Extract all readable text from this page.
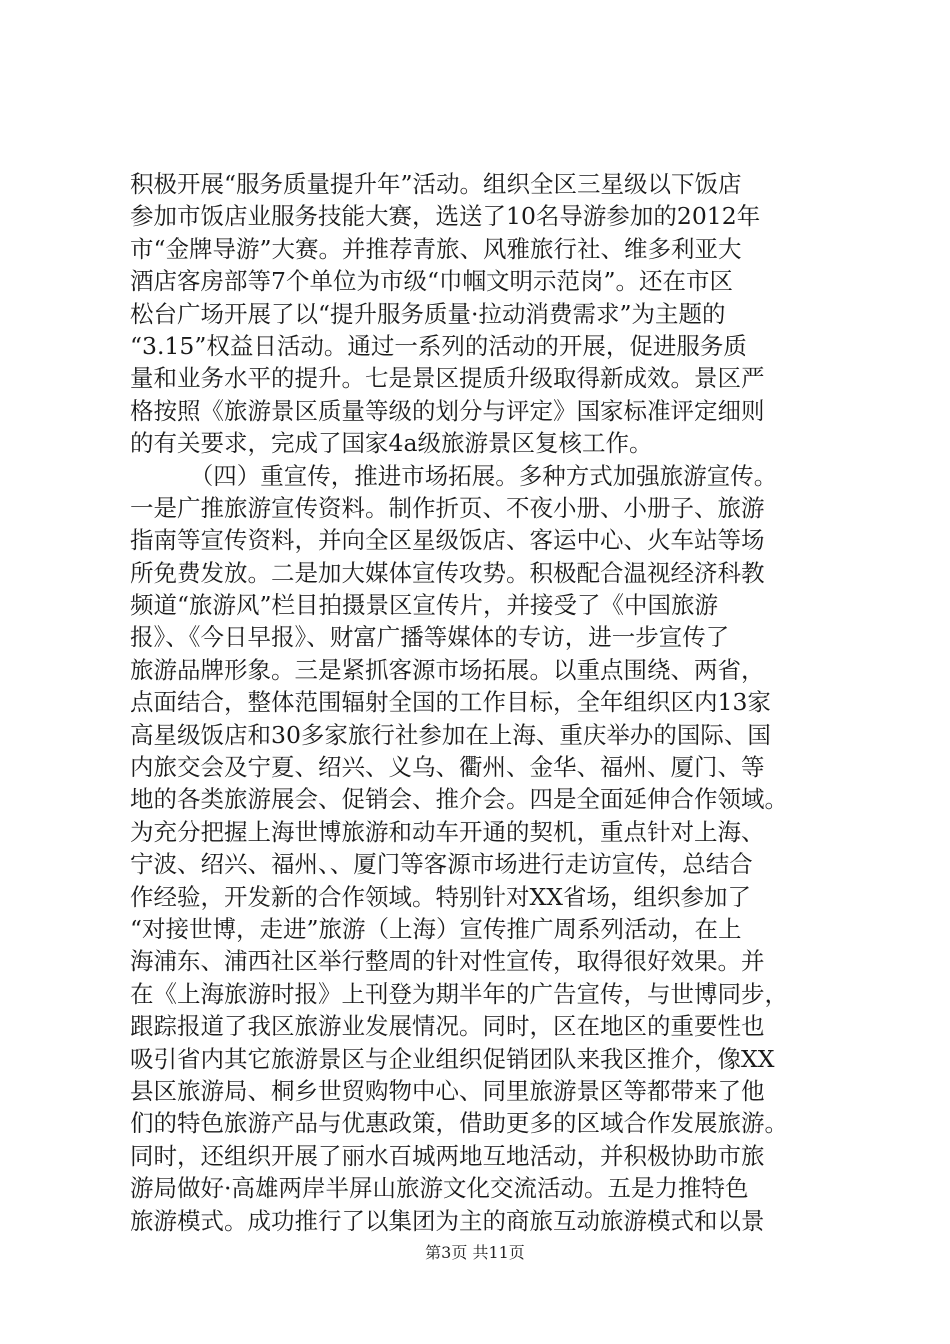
积极开展“服务质量提升年”活动。组织全区三星级以下饭店
参加市饭店业服务技能大赛，选送了10名导游参加的2012年
市“金牌导游”大赛。并推荐青旅、风雅旅行社、维多利亚大
酒店客房部等7个单位为市级“巾帼文明示范岗”。还在市区
松台广场开展了以“提升服务质量·拉动消费需求”为主题的
“3.15”权益日活动。通过一系列的活动的开展，促进服务质
量和业务水平的提升。七是景区提质升级取得新成效。景区严
格按照《旅游景区质量等级的划分与评定》国家标准评定细则
的有关要求，完成了国家4a级旅游景区复核工作。
（四）重宣传，推进市场拓展。多种方式加强旅游宣传。
一是广推旅游宣传资料。制作折页、不夜小册、小册子、旅游
指南等宣传资料，并向全区星级饭店、客运中心、火车站等场
所免费发放。二是加大媒体宣传攻势。积极配合温视经济科教
频道“旅游风”栏目拍摄景区宣传片，并接受了《中国旅游
报》、《今日早报》、财富广播等媒体的专访，进一步宣传了
旅游品牌形象。三是紧抓客源市场拓展。以重点围绕、两省，
点面结合，整体范围辐射全国的工作目标，全年组织区内13家
高星级饭店和30多家旅行社参加在上海、重庆举办的国际、国
内旅交会及宁夏、绍兴、义乌、衢州、金华、福州、厦门、等
地的各类旅游展会、促销会、推介会。四是全面延伸合作领域。
为充分把握上海世博旅游和动车开通的契机，重点针对上海、
宁波、绍兴、福州、、厦门等客源市场进行走访宣传，总结合
作经验，开发新的合作领域。特别针对XX省场，组织参加了
“对接世博，走进”旅游（上海）宣传推广周系列活动，在上
海浦东、浦西社区举行整周的针对性宣传，取得很好效果。并
在《上海旅游时报》上刊登为期半年的广告宣传，与世博同步，
跟踪报道了我区旅游业发展情况。同时，区在地区的重要性也
吸引省内其它旅游景区与企业组织促销团队来我区推介，像XX
县区旅游局、桐乡世贸购物中心、同里旅游景区等都带来了他
们的特色旅游产品与优惠政策，借助更多的区域合作发展旅游。
同时，还组织开展了丽水百城两地互地活动，并积极协助市旅
游局做好·高雄两岸半屏山旅游文化交流活动。五是力推特色
旅游模式。成功推行了以集团为主的商旅互动旅游模式和以景
第3页 共11页
